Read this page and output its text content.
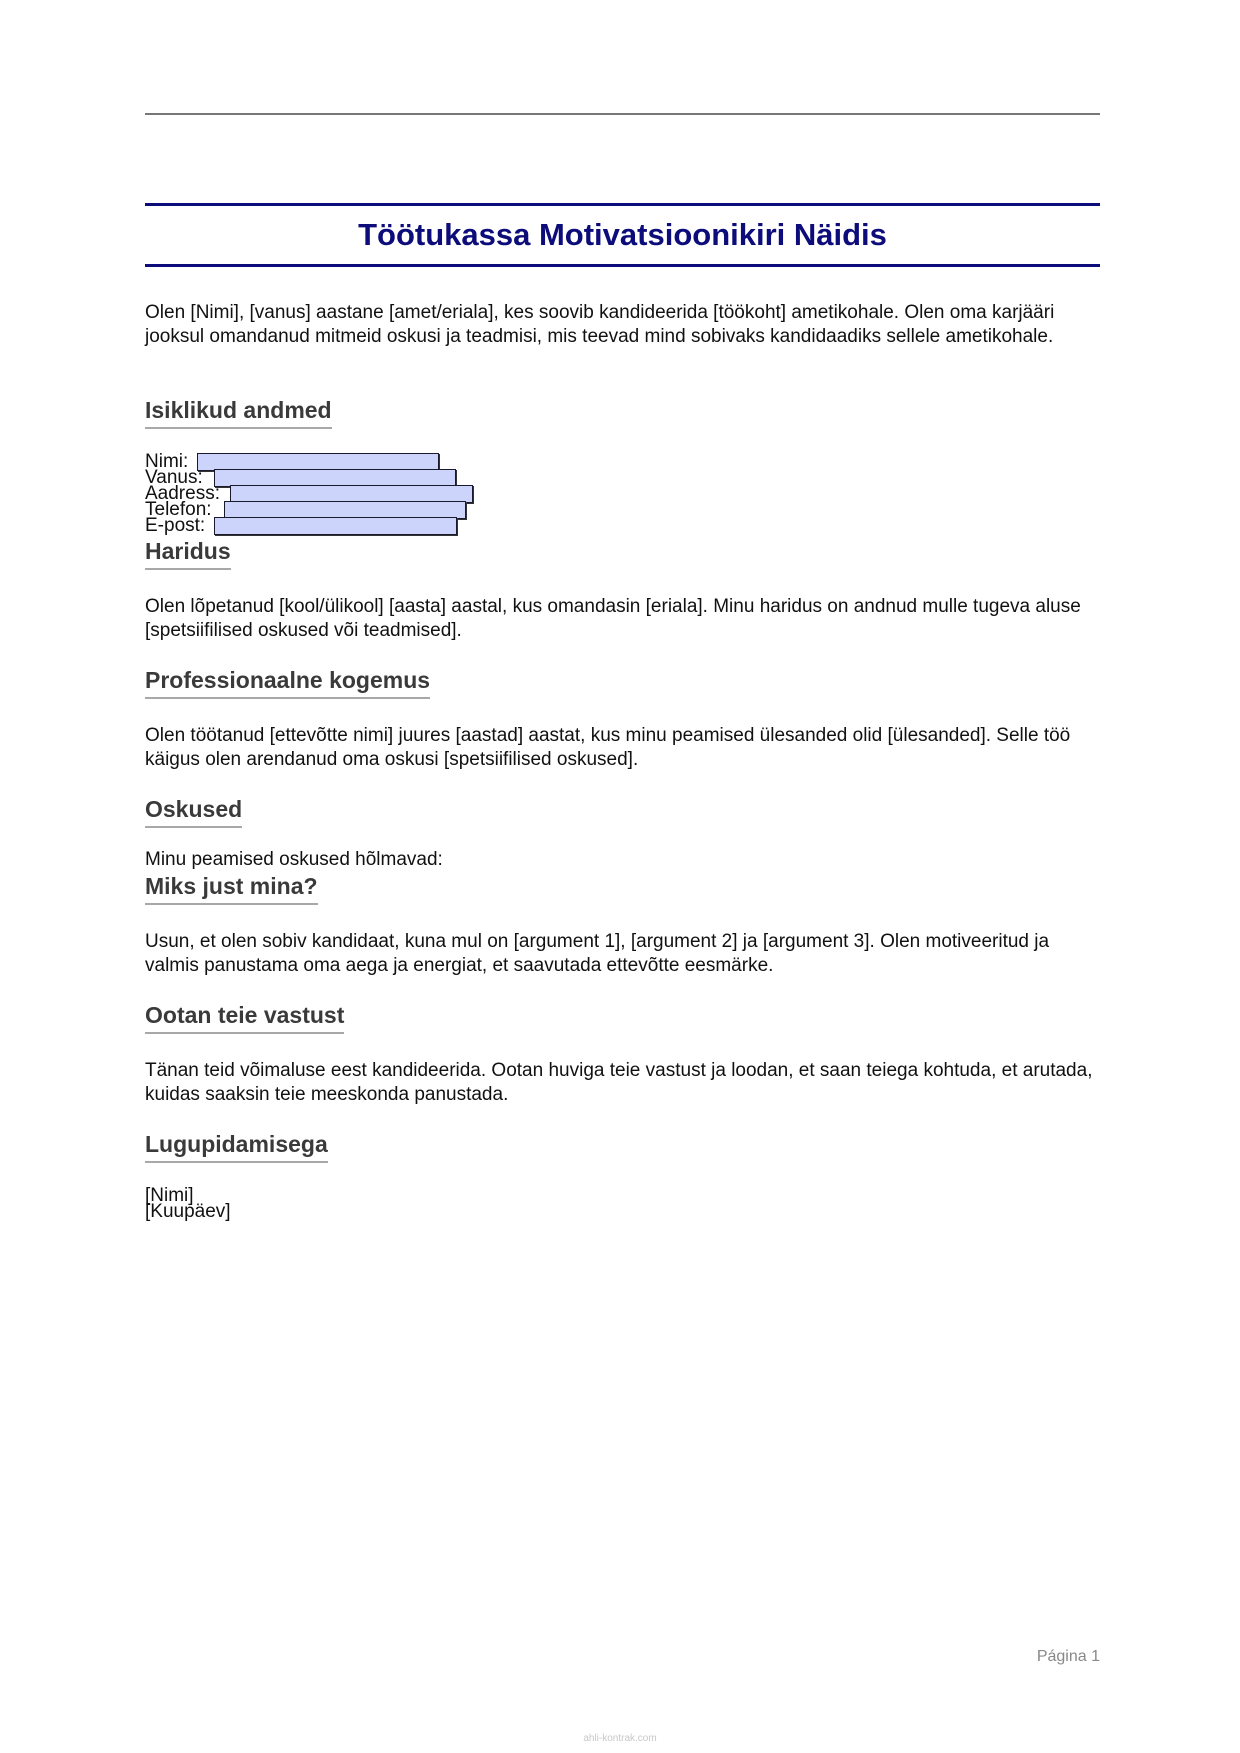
Töötukassa Motivatsioonikiri Näidis

Olen [Nimi], [vanus] aastane [amet/eriala], kes soovib kandideerida [töökoht] ametikohale. Olen oma karjääri jooksul omandanud mitmeid oskusi ja teadmisi, mis teevad mind sobivaks kandidaadiks sellele ametikohale.

Isiklikud andmed
Nimi:
Vanus:
Aadress:
Telefon:
E-post:
Haridus

Olen lõpetanud [kool/ülikool] [aasta] aastal, kus omandasin [eriala]. Minu haridus on andnud mulle tugeva aluse [spetsiifilised oskused või teadmised].

Professionaalne kogemus

Olen töötanud [ettevõtte nimi] juures [aastad] aastat, kus minu peamised ülesanded olid [ülesanded]. Selle töö käigus olen arendanud oma oskusi [spetsiifilised oskused].

Oskused

Minu peamised oskused hõlmavad:

Miks just mina?

Usun, et olen sobiv kandidaat, kuna mul on [argument 1], [argument 2] ja [argument 3]. Olen motiveeritud ja valmis panustama oma aega ja energiat, et saavutada ettevõtte eesmärke.

Ootan teie vastust

Tänan teid võimaluse eest kandideerida. Ootan huviga teie vastust ja loodan, et saan teiega kohtuda, et arutada, kuidas saaksin teie meeskonda panustada.

Lugupidamisega
[Nimi]
[Kuupäev]
Página 1
ahli-kontrak.com
